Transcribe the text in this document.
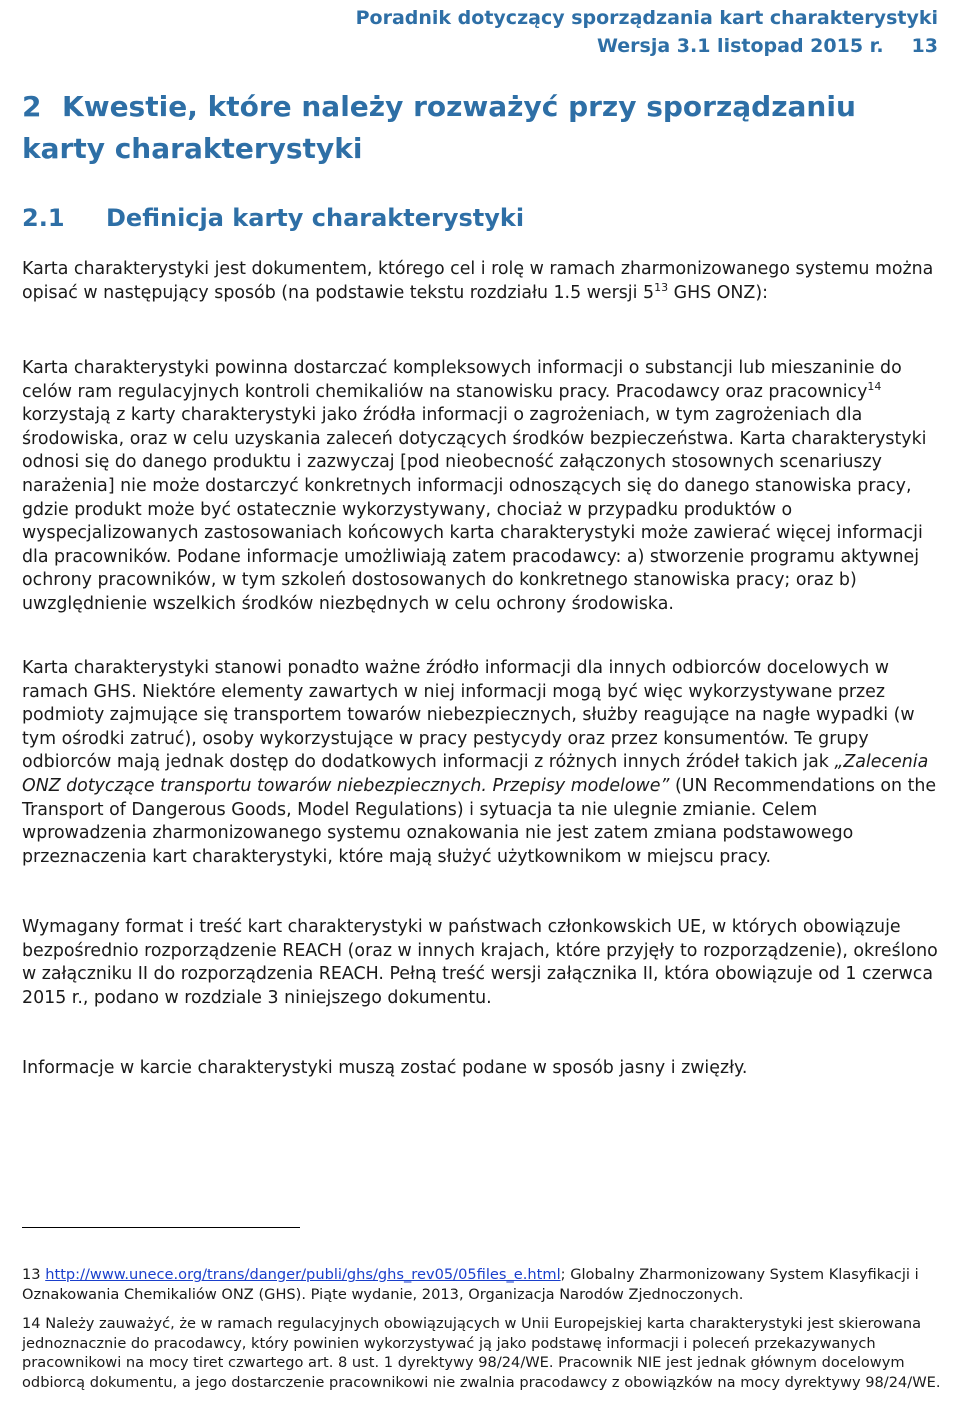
Poradnik dotyczący sporządzania kart charakterystyki
Wersja 3.1 listopad 2015 r. 13
2 Kwestie, które należy rozważyć przy sporządzaniu karty charakterystyki
2.1 Definicja karty charakterystyki

Karta charakterystyki jest dokumentem, którego cel i rolę w ramach zharmonizowanego systemu można opisać w następujący sposób (na podstawie tekstu rozdziału 1.5 wersji $5^{13}$ GHS ONZ):

Karta charakterystyki powinna dostarczać kompleksowych informacji o substancji lub mieszaninie do celów ram regulacyjnych kontroli chemikaliów na stanowisku pracy. Pracodawcy oraz pracownicy$^{14}$ korzystają z karty charakterystyki jako źródła informacji o zagrożeniach, w tym zagrożeniach dla środowiska, oraz w celu uzyskania zaleceń dotyczących środków bezpieczeństwa. Karta charakterystyki odnosi się do danego produktu i zazwyczaj [pod nieobecność załączonych stosownych scenariuszy narażenia] nie może dostarczyć konkretnych informacji odnoszących się do danego stanowiska pracy, gdzie produkt może być ostatecznie wykorzystywany, chociaż w przypadku produktów o wyspecjalizowanych zastosowaniach końcowych karta charakterystyki może zawierać więcej informacji dla pracowników. Podane informacje umożliwiają zatem pracodawcy: a) stworzenie programu aktywnej ochrony pracowników, w tym szkoleń dostosowanych do konkretnego stanowiska pracy; oraz b) uwzględnienie wszelkich środków niezbędnych w celu ochrony środowiska.

Karta charakterystyki stanowi ponadto ważne źródło informacji dla innych odbiorców docelowych w ramach GHS. Niektóre elementy zawartych w niej informacji mogą być więc wykorzystywane przez podmioty zajmujące się transportem towarów niebezpiecznych, służby reagujące na nagłe wypadki (w tym ośrodki zatruć), osoby wykorzystujące w pracy pestycydy oraz przez konsumentów. Te grupy odbiorców mają jednak dostęp do dodatkowych informacji z różnych innych źródeł takich jak „Zalecenia ONZ dotyczące transportu towarów niebezpiecznych. Przepisy modelowe” (UN Recommendations on the Transport of Dangerous Goods, Model Regulations) i sytuacja ta nie ulegnie zmianie. Celem wprowadzenia zharmonizowanego systemu oznakowania nie jest zatem zmiana podstawowego przeznaczenia kart charakterystyki, które mają służyć użytkownikom w miejscu pracy.

Wymagany format i treść kart charakterystyki w państwach członkowskich UE, w których obowiązuje bezpośrednio rozporządzenie REACH (oraz w innych krajach, które przyjęły to rozporządzenie), określono w załączniku II do rozporządzenia REACH. Pełną treść wersji załącznika II, która obowiązuje od 1 czerwca 2015 r., podano w rozdziale 3 niniejszego dokumentu.

Informacje w karcie charakterystyki muszą zostać podane w sposób jasny i zwięzły.

13 http://www.unece.org/trans/danger/publi/ghs/ghs_rev05/05files_e.html; Globalny Zharmonizowany System Klasyfikacji i Oznakowania Chemikaliów ONZ (GHS). Piąte wydanie, 2013, Organizacja Narodów Zjednoczonych.

14 Należy zauważyć, że w ramach regulacyjnych obowiązujących w Unii Europejskiej karta charakterystyki jest skierowana jednoznacznie do pracodawcy, który powinien wykorzystywać ją jako podstawę informacji i poleceń przekazywanych pracownikowi na mocy tiret czwartego art. 8 ust. 1 dyrektywy 98/24/WE. Pracownik NIE jest jednak głównym docelowym odbiorcą dokumentu, a jego dostarczenie pracownikowi nie zwalnia pracodawcy z obowiązków na mocy dyrektywy 98/24/WE.
